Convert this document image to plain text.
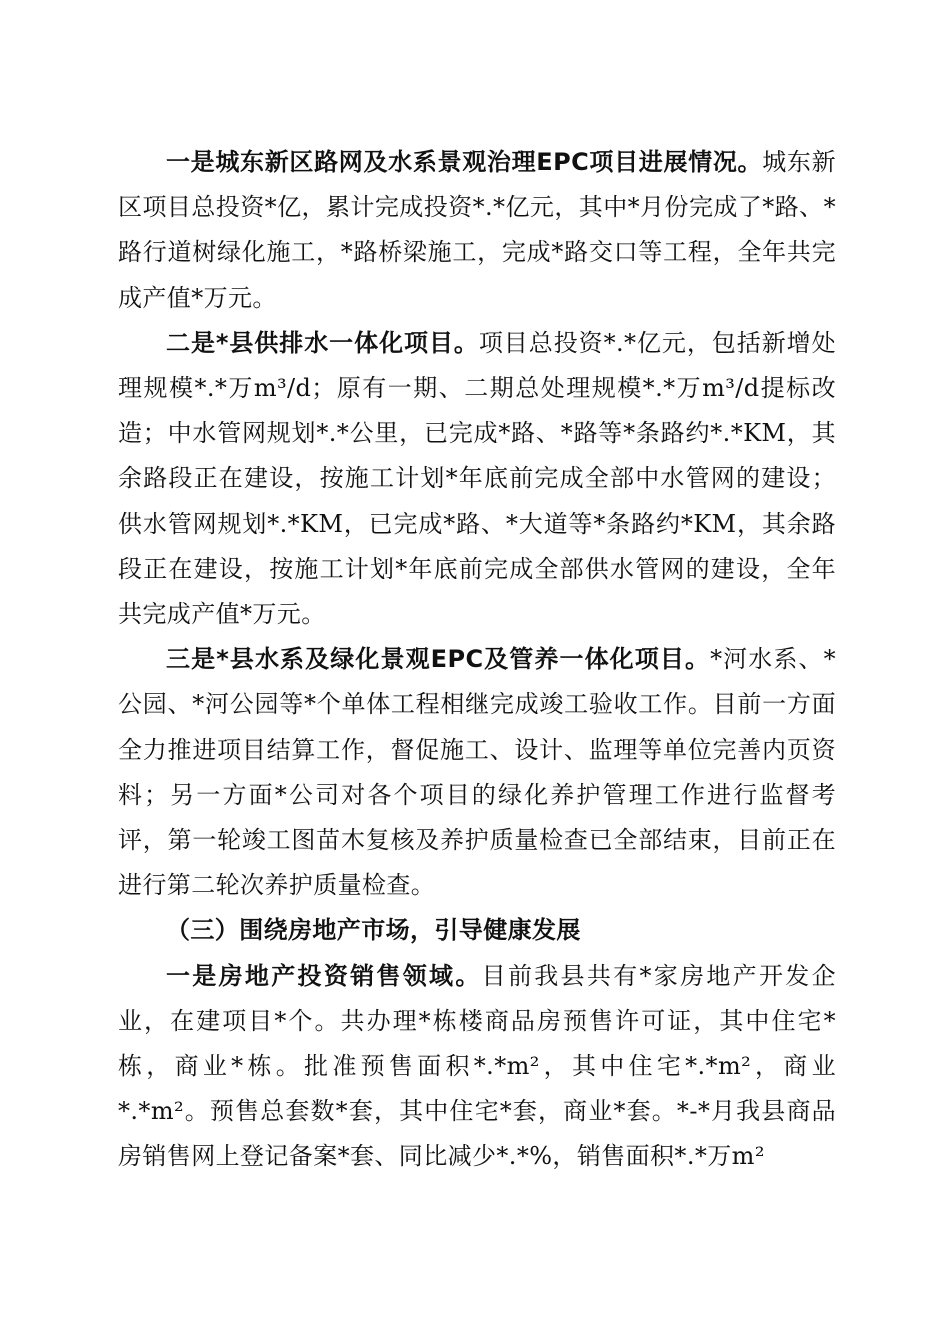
一是城东新区路网及水系景观治理EPC项目进展情况。城东新区项目总投资*亿，累计完成投资*.*亿元，其中*月份完成了*路、*路行道树绿化施工，*路桥梁施工，完成*路交口等工程，全年共完成产值*万元。

二是*县供排水一体化项目。项目总投资*.*亿元，包括新增处理规模*.*万m³/d；原有一期、二期总处理规模*.*万m³/d提标改造；中水管网规划*.*公里，已完成*路、*路等*条路约*.*KM，其余路段正在建设，按施工计划*年底前完成全部中水管网的建设；供水管网规划*.*KM，已完成*路、*大道等*条路约*KM，其余路段正在建设，按施工计划*年底前完成全部供水管网的建设，全年共完成产值*万元。

三是*县水系及绿化景观EPC及管养一体化项目。*河水系、*公园、*河公园等*个单体工程相继完成竣工验收工作。目前一方面全力推进项目结算工作，督促施工、设计、监理等单位完善内页资料；另一方面*公司对各个项目的绿化养护管理工作进行监督考评，第一轮竣工图苗木复核及养护质量检查已全部结束，目前正在进行第二轮次养护质量检查。

（三）围绕房地产市场，引导健康发展

一是房地产投资销售领域。目前我县共有*家房地产开发企业，在建项目*个。共办理*栋楼商品房预售许可证，其中住宅*栋，商业*栋。批准预售面积*.*m²，其中住宅*.*m²，商业*.*m²。预售总套数*套，其中住宅*套，商业*套。*-*月我县商品房销售网上登记备案*套、同比减少*.*%，销售面积*.*万m²
